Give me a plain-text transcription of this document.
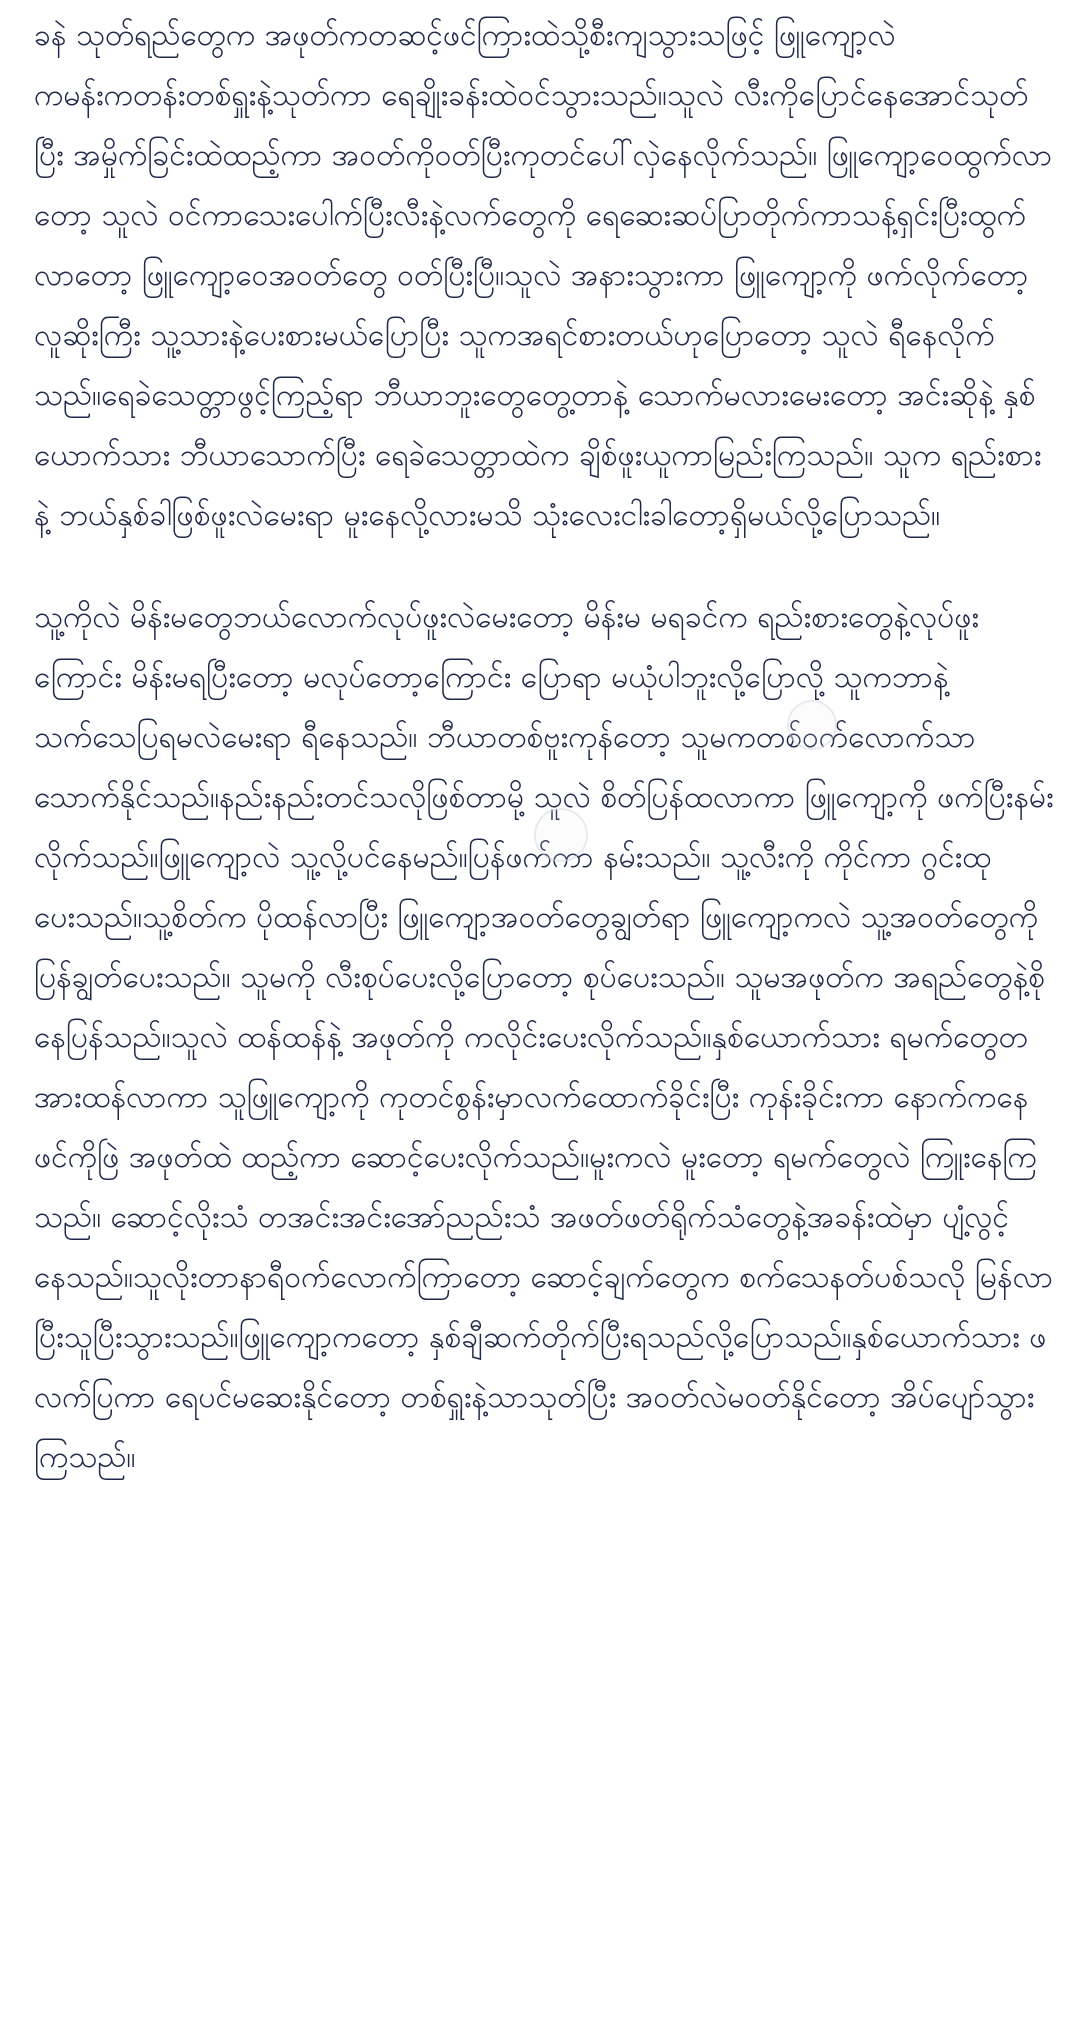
ခနဲ သုတ်ရည်တွေက အဖုတ်ကတဆင့်ဖင်ကြားထဲသို့စီးကျသွားသဖြင့် ဖြူကျော့လဲ ကမန်းကတန်းတစ်ရှူးနဲ့သုတ်ကာ ရေချိုးခန်းထဲဝင်သွားသည်။သူလဲ လီးကိုပြောင်နေအောင်သုတ်ပြီး အမှိုက်ခြင်းထဲထည့်ကာ အဝတ်ကိုဝတ်ပြီးကုတင်ပေါ်လှဲနေလိုက်သည်။ ဖြူကျော့ဝေထွက်လာတော့ သူလဲ ဝင်ကာသေးပေါက်ပြီးလီးနဲ့လက်တွေကို ရေဆေးဆပ်ပြာတိုက်ကာသန့်ရှင်းပြီးထွက်လာတော့ ဖြူကျော့ဝေအဝတ်တွေ ဝတ်ပြီးပြီ။သူလဲ အနားသွားကာ ဖြူကျော့ကို ဖက်လိုက်တော့ လူဆိုးကြီး သူ့သားနဲ့ပေးစားမယ်ပြောပြီး သူကအရင်စားတယ်ဟုပြောတော့ သူလဲ ရီနေလိုက်သည်။ရေခဲသေတ္တာဖွင့်ကြည့်ရာ ဘီယာဘူးတွေတွေ့တာနဲ့ သောက်မလားမေးတော့ အင်းဆိုနဲ့ နှစ်ယောက်သား ဘီယာသောက်ပြီး ရေခဲသေတ္တာထဲက ချိစ်ဖူးယူကာမြည်းကြသည်။ သူက ရည်းစားနဲ့ ဘယ်နှစ်ခါဖြစ်ဖူးလဲမေးရာ မူးနေလို့လားမသိ သုံးလေးငါးခါတော့ရှိမယ်လို့ပြောသည်။

သူ့ကိုလဲ မိန်းမတွေဘယ်လောက်လုပ်ဖူးလဲမေးတော့ မိန်းမ မရခင်က ရည်းစားတွေနဲ့လုပ်ဖူးကြောင်း မိန်းမရပြီးတော့ မလုပ်တော့ကြောင်း ပြောရာ မယုံပါဘူးလို့ပြောလို့ သူကဘာနဲ့သက်သေပြရမလဲမေးရာ ရီနေသည်။ ဘီယာတစ်ဗူးကုန်တော့ သူမကတစ်ဝက်လောက်သာသောက်နိုင်သည်။နည်းနည်းတင်သလိုဖြစ်တာမို့ သူလဲ စိတ်ပြန်ထလာကာ ဖြူကျော့ကို ဖက်ပြီးနမ်းလိုက်သည်။ဖြူကျော့လဲ သူ့လို့ပင်နေမည်။ပြန်ဖက်ကာ နမ်းသည်။ သူ့လီးကို ကိုင်ကာ ဂွင်းထုပေးသည်။သူ့စိတ်က ပိုထန်လာပြီး ဖြူကျော့အဝတ်တွေချွတ်ရာ ဖြူကျော့ကလဲ သူ့အဝတ်တွေကိုပြန်ချွတ်ပေးသည်။ သူမကို လီးစုပ်ပေးလို့ပြောတော့ စုပ်ပေးသည်။ သူမအဖုတ်က အရည်တွေနဲ့စိုနေပြန်သည်။သူလဲ ထန်ထန်နဲ့ အဖုတ်ကို ကလိုင်းပေးလိုက်သည်။နှစ်ယောက်သား ရမက်တွေတအားထန်လာကာ သူဖြူကျော့ကို ကုတင်စွန်းမှာလက်ထောက်ခိုင်းပြီး ကုန်းခိုင်းကာ နောက်ကနေ ဖင်ကိုဖြဲ အဖုတ်ထဲ ထည့်ကာ ဆောင့်ပေးလိုက်သည်။မူးကလဲ မူးတော့ ရမက်တွေလဲ ကြူးနေကြသည်။ ဆောင့်လိုးသံ တအင်းအင်းအော်ညည်းသံ အဖတ်ဖတ်ရိုက်သံတွေနဲ့အခန်းထဲမှာ ပျံ့လွင့်နေသည်။သူလိုးတာနာရီဝက်လောက်ကြာတော့ ဆောင့်ချက်တွေက စက်သေနတ်ပစ်သလို မြန်လာပြီးသူပြီးသွားသည်။ဖြူကျော့ကတော့ နှစ်ချီဆက်တိုက်ပြီးရသည်လို့ပြောသည်။နှစ်ယောက်သား ဖလက်ပြကာ ရေပင်မဆေးနိုင်တော့ တစ်ရှူးနဲ့သာသုတ်ပြီး အဝတ်လဲမဝတ်နိုင်တော့ အိပ်ပျော်သွားကြသည်။
